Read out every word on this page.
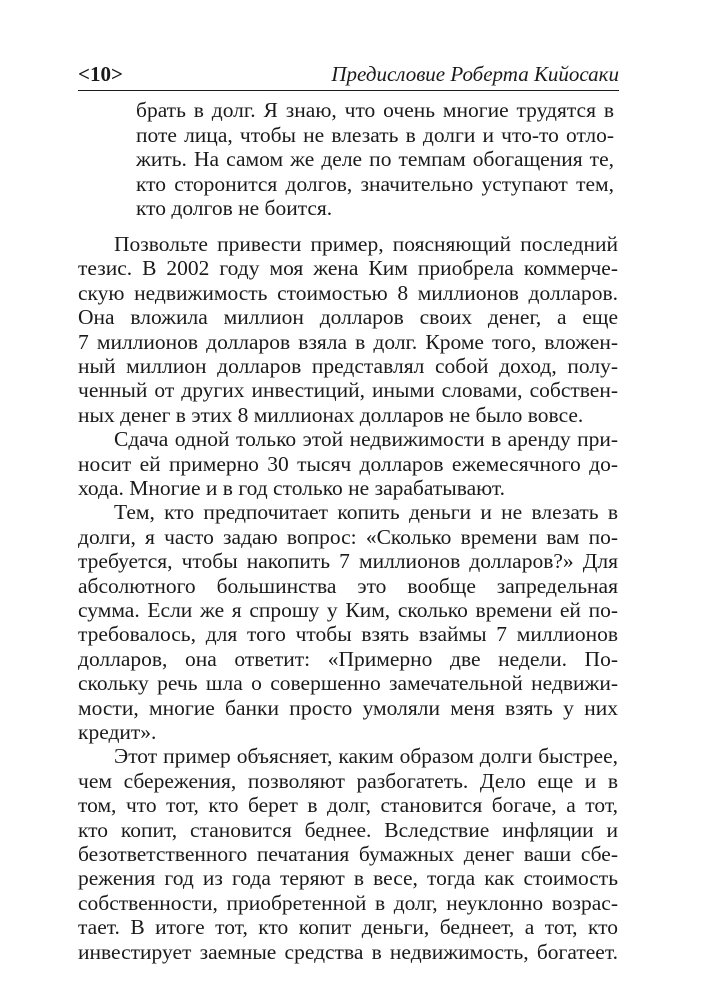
<10>	Предисловие Роберта Кийосаки
брать в долг. Я знаю, что очень многие трудятся в
поте лица, чтобы не влезать в долги и что-то отло-
жить. На самом же деле по темпам обогащения те,
кто сторонится долгов, значительно уступают тем,
кто долгов не боится.
Позвольте привести пример, поясняющий последний
тезис. В 2002 году моя жена Ким приобрела коммерче-
скую недвижимость стоимостью 8 миллионов долларов.
Она вложила миллион долларов своих денег, а еще
7 миллионов долларов взяла в долг. Кроме того, вложен-
ный миллион долларов представлял собой доход, полу-
ченный от других инвестиций, иными словами, собствен-
ных денег в этих 8 миллионах долларов не было вовсе.
Сдача одной только этой недвижимости в аренду при-
носит ей примерно 30 тысяч долларов ежемесячного до-
хода. Многие и в год столько не зарабатывают.
Тем, кто предпочитает копить деньги и не влезать в
долги, я часто задаю вопрос: «Сколько времени вам по-
требуется, чтобы накопить 7 миллионов долларов?» Для
абсолютного большинства это вообще запредельная
сумма. Если же я спрошу у Ким, сколько времени ей по-
требовалось, для того чтобы взять взаймы 7 миллионов
долларов, она ответит: «Примерно две недели. По-
скольку речь шла о совершенно замечательной недвижи-
мости, многие банки просто умоляли меня взять у них
кредит».
Этот пример объясняет, каким образом долги быстрее,
чем сбережения, позволяют разбогатеть. Дело еще и в
том, что тот, кто берет в долг, становится богаче, а тот,
кто копит, становится беднее. Вследствие инфляции и
безответственного печатания бумажных денег ваши сбе-
режения год из года теряют в весе, тогда как стоимость
собственности, приобретенной в долг, неуклонно возрас-
тает. В итоге тот, кто копит деньги, беднеет, а тот, кто
инвестирует заемные средства в недвижимость, богатеет.
